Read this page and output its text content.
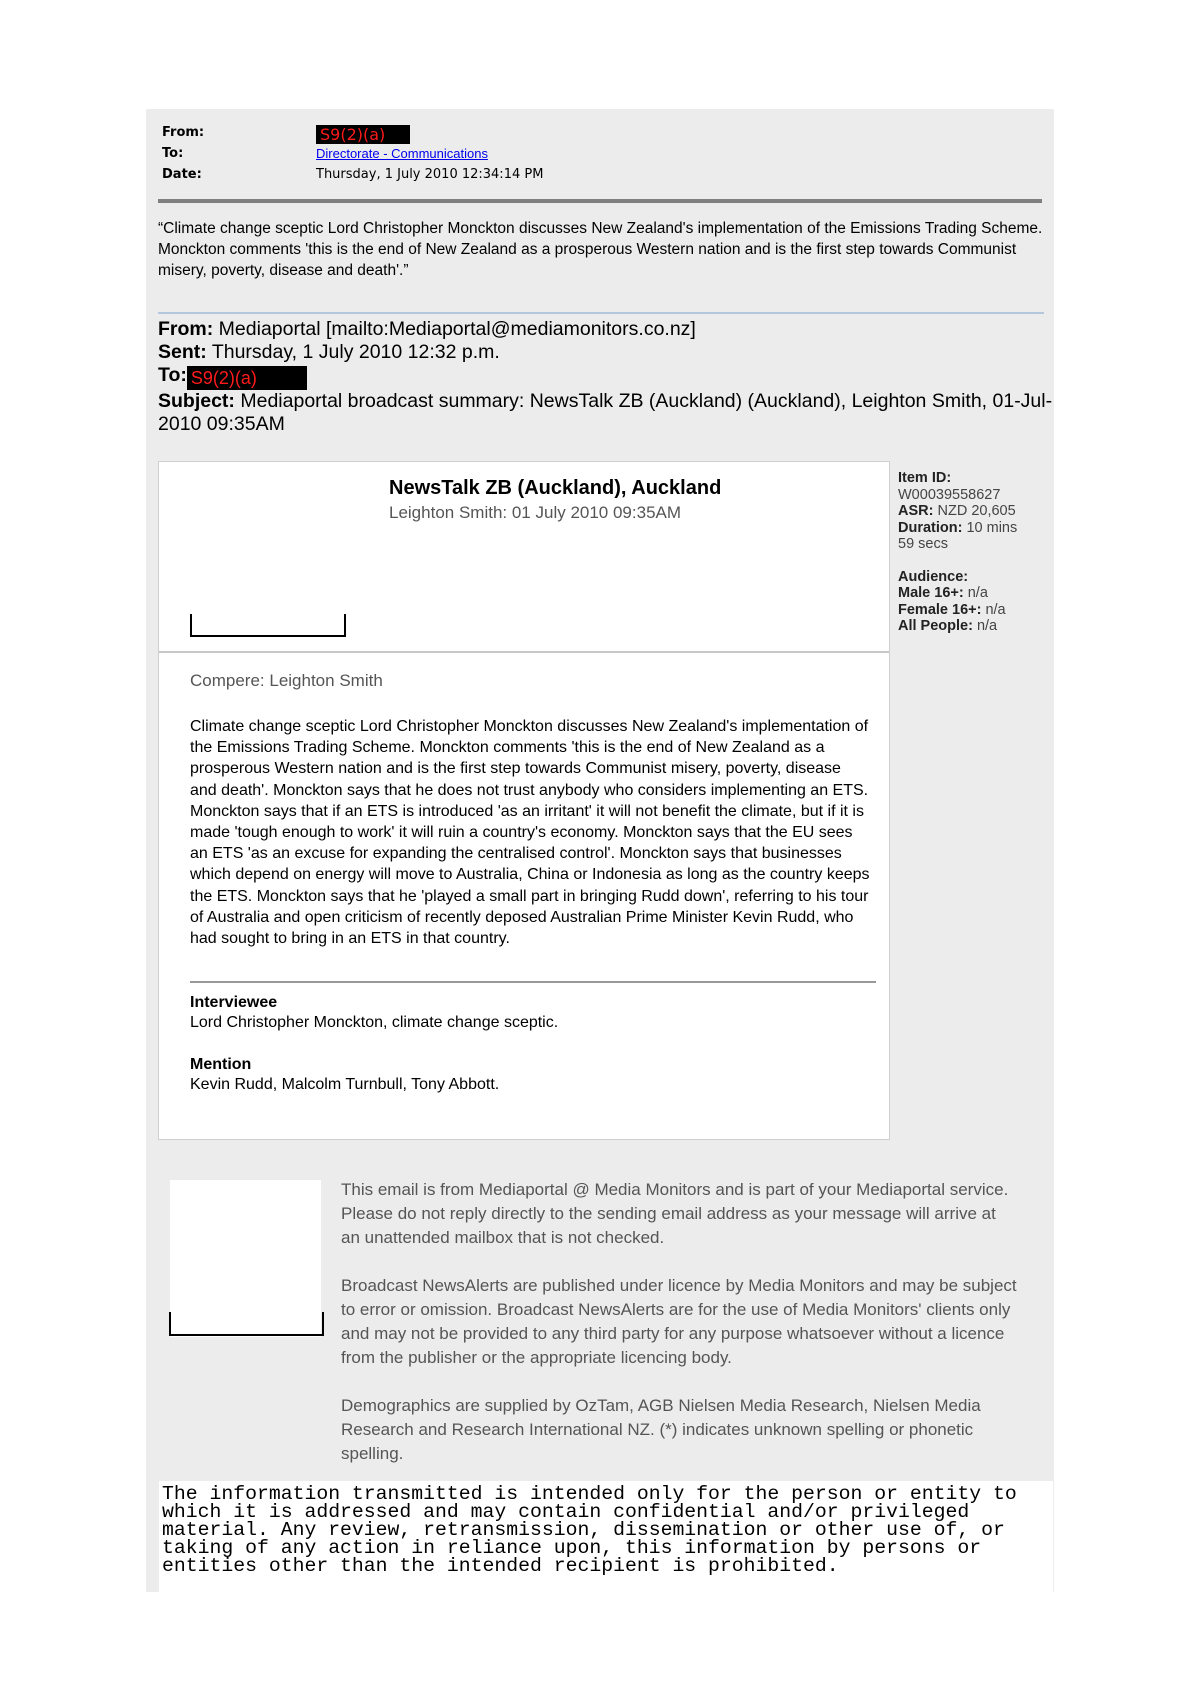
From:	S9(2)(a)
To:	Directorate - Communications
Date:	Thursday, 1 July 2010 12:34:14 PM
“Climate change sceptic Lord Christopher Monckton discusses New Zealand's implementation of the Emissions Trading Scheme. Monckton comments 'this is the end of New Zealand as a prosperous Western nation and is the first step towards Communist misery, poverty, disease and death'.”
From: Mediaportal [mailto:Mediaportal@mediamonitors.co.nz]
Sent: Thursday, 1 July 2010 12:32 p.m.
To: S9(2)(a)
Subject: Mediaportal broadcast summary: NewsTalk ZB (Auckland) (Auckland), Leighton Smith, 01-Jul-2010 09:35AM
NewsTalk ZB (Auckland), Auckland
Leighton Smith: 01 July 2010 09:35AM
Compere: Leighton Smith
Climate change sceptic Lord Christopher Monckton discusses New Zealand's implementation of the Emissions Trading Scheme. Monckton comments 'this is the end of New Zealand as a prosperous Western nation and is the first step towards Communist misery, poverty, disease and death'. Monckton says that he does not trust anybody who considers implementing an ETS. Monckton says that if an ETS is introduced 'as an irritant' it will not benefit the climate, but if it is made 'tough enough to work' it will ruin a country's economy. Monckton says that the EU sees an ETS 'as an excuse for expanding the centralised control'. Monckton says that businesses which depend on energy will move to Australia, China or Indonesia as long as the country keeps the ETS. Monckton says that he 'played a small part in bringing Rudd down', referring to his tour of Australia and open criticism of recently deposed Australian Prime Minister Kevin Rudd, who had sought to bring in an ETS in that country.
Interviewee
Lord Christopher Monckton, climate change sceptic.
Mention
Kevin Rudd, Malcolm Turnbull, Tony Abbott.
Item ID:
W00039558627
ASR: NZD 20,605
Duration: 10 mins 59 secs
Audience:
Male 16+: n/a
Female 16+: n/a
All People: n/a

This email is from Mediaportal @ Media Monitors and is part of your Mediaportal service. Please do not reply directly to the sending email address as your message will arrive at an unattended mailbox that is not checked.

Broadcast NewsAlerts are published under licence by Media Monitors and may be subject to error or omission. Broadcast NewsAlerts are for the use of Media Monitors' clients only and may not be provided to any third party for any purpose whatsoever without a licence from the publisher or the appropriate licencing body.

Demographics are supplied by OzTam, AGB Nielsen Media Research, Nielsen Media Research and Research International NZ. (*) indicates unknown spelling or phonetic spelling.

The information transmitted is intended only for the person or entity to
which it is addressed and may contain confidential and/or privileged
material. Any review, retransmission, dissemination or other use of, or
taking of any action in reliance upon, this information by persons or
entities other than the intended recipient is prohibited.
